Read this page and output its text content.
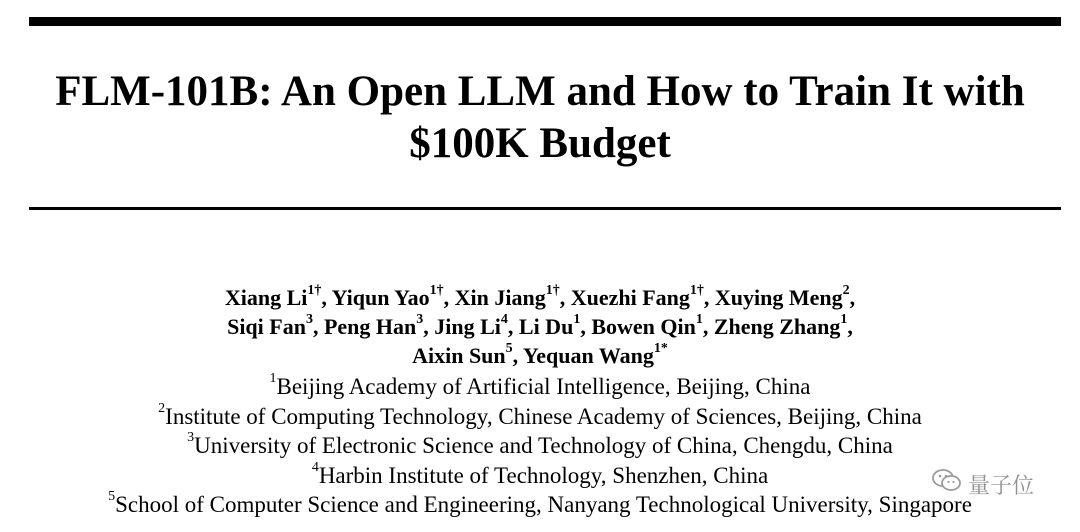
FLM-101B: An Open LLM and How to Train It with
$100K Budget
Xiang $Li^{1\dagger}$, Yiqun Yao$^{1\dagger}$, Xin Jiang$^{1\dagger}$, Xuezhi Fang$^{1\dagger}$, Xuying Meng$^2$,
Siqi Fan$^3$, Peng Han$^3$, Jing Li$^4$, Li Du$^1$, Bowen Qin$^1$, Zheng Zhang$^1$,
Aixin Sun$^5$, Yequan Wang$^{1*}$
$^1$Beijing Academy of Artificial Intelligence, Beijing, China
$^2$Institute of Computing Technology, Chinese Academy of Sciences, Beijing, China
$^3$University of Electronic Science and Technology of China, Chengdu, China
$^4$Harbin Institute of Technology, Shenzhen, China
$^5$School of Computer Science and Engineering, Nanyang Technological University, Singapore
量子位
